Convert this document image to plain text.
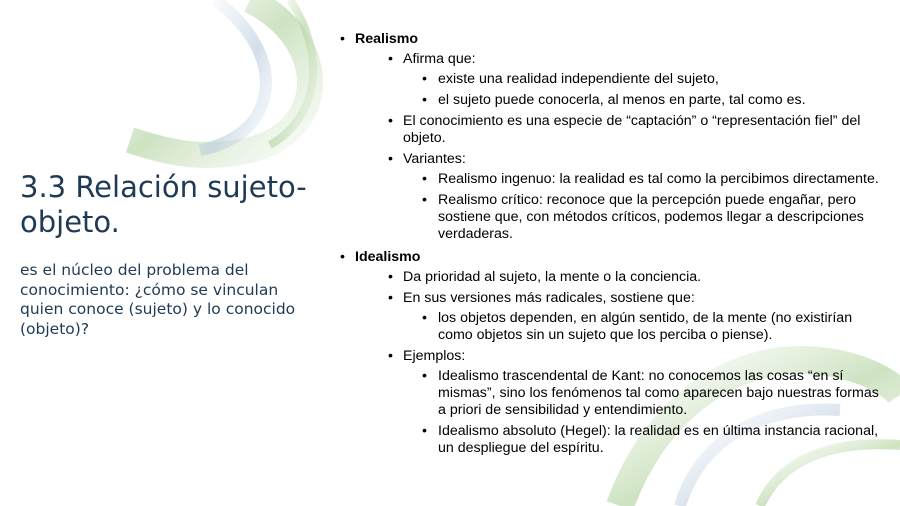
3.3 Relación sujeto-objeto.

es el núcleo del problema del conocimiento: ¿cómo se vinculan quien conoce (sujeto) y lo conocido (objeto)?

• Realismo
• Afirma que:
• existe una realidad independiente del sujeto,
• el sujeto puede conocerla, al menos en parte, tal como es.
• El conocimiento es una especie de “captación” o “representación fiel” del objeto.
• Variantes:
• Realismo ingenuo: la realidad es tal como la percibimos directamente.
• Realismo crítico: reconoce que la percepción puede engañar, pero sostiene que, con métodos críticos, podemos llegar a descripciones verdaderas.
• Idealismo
• Da prioridad al sujeto, la mente o la conciencia.
• En sus versiones más radicales, sostiene que:
• los objetos dependen, en algún sentido, de la mente (no existirían como objetos sin un sujeto que los perciba o piense).
• Ejemplos:
• Idealismo trascendental de Kant: no conocemos las cosas “en sí mismas”, sino los fenómenos tal como aparecen bajo nuestras formas a priori de sensibilidad y entendimiento.
• Idealismo absoluto (Hegel): la realidad es en última instancia racional, un despliegue del espíritu.
